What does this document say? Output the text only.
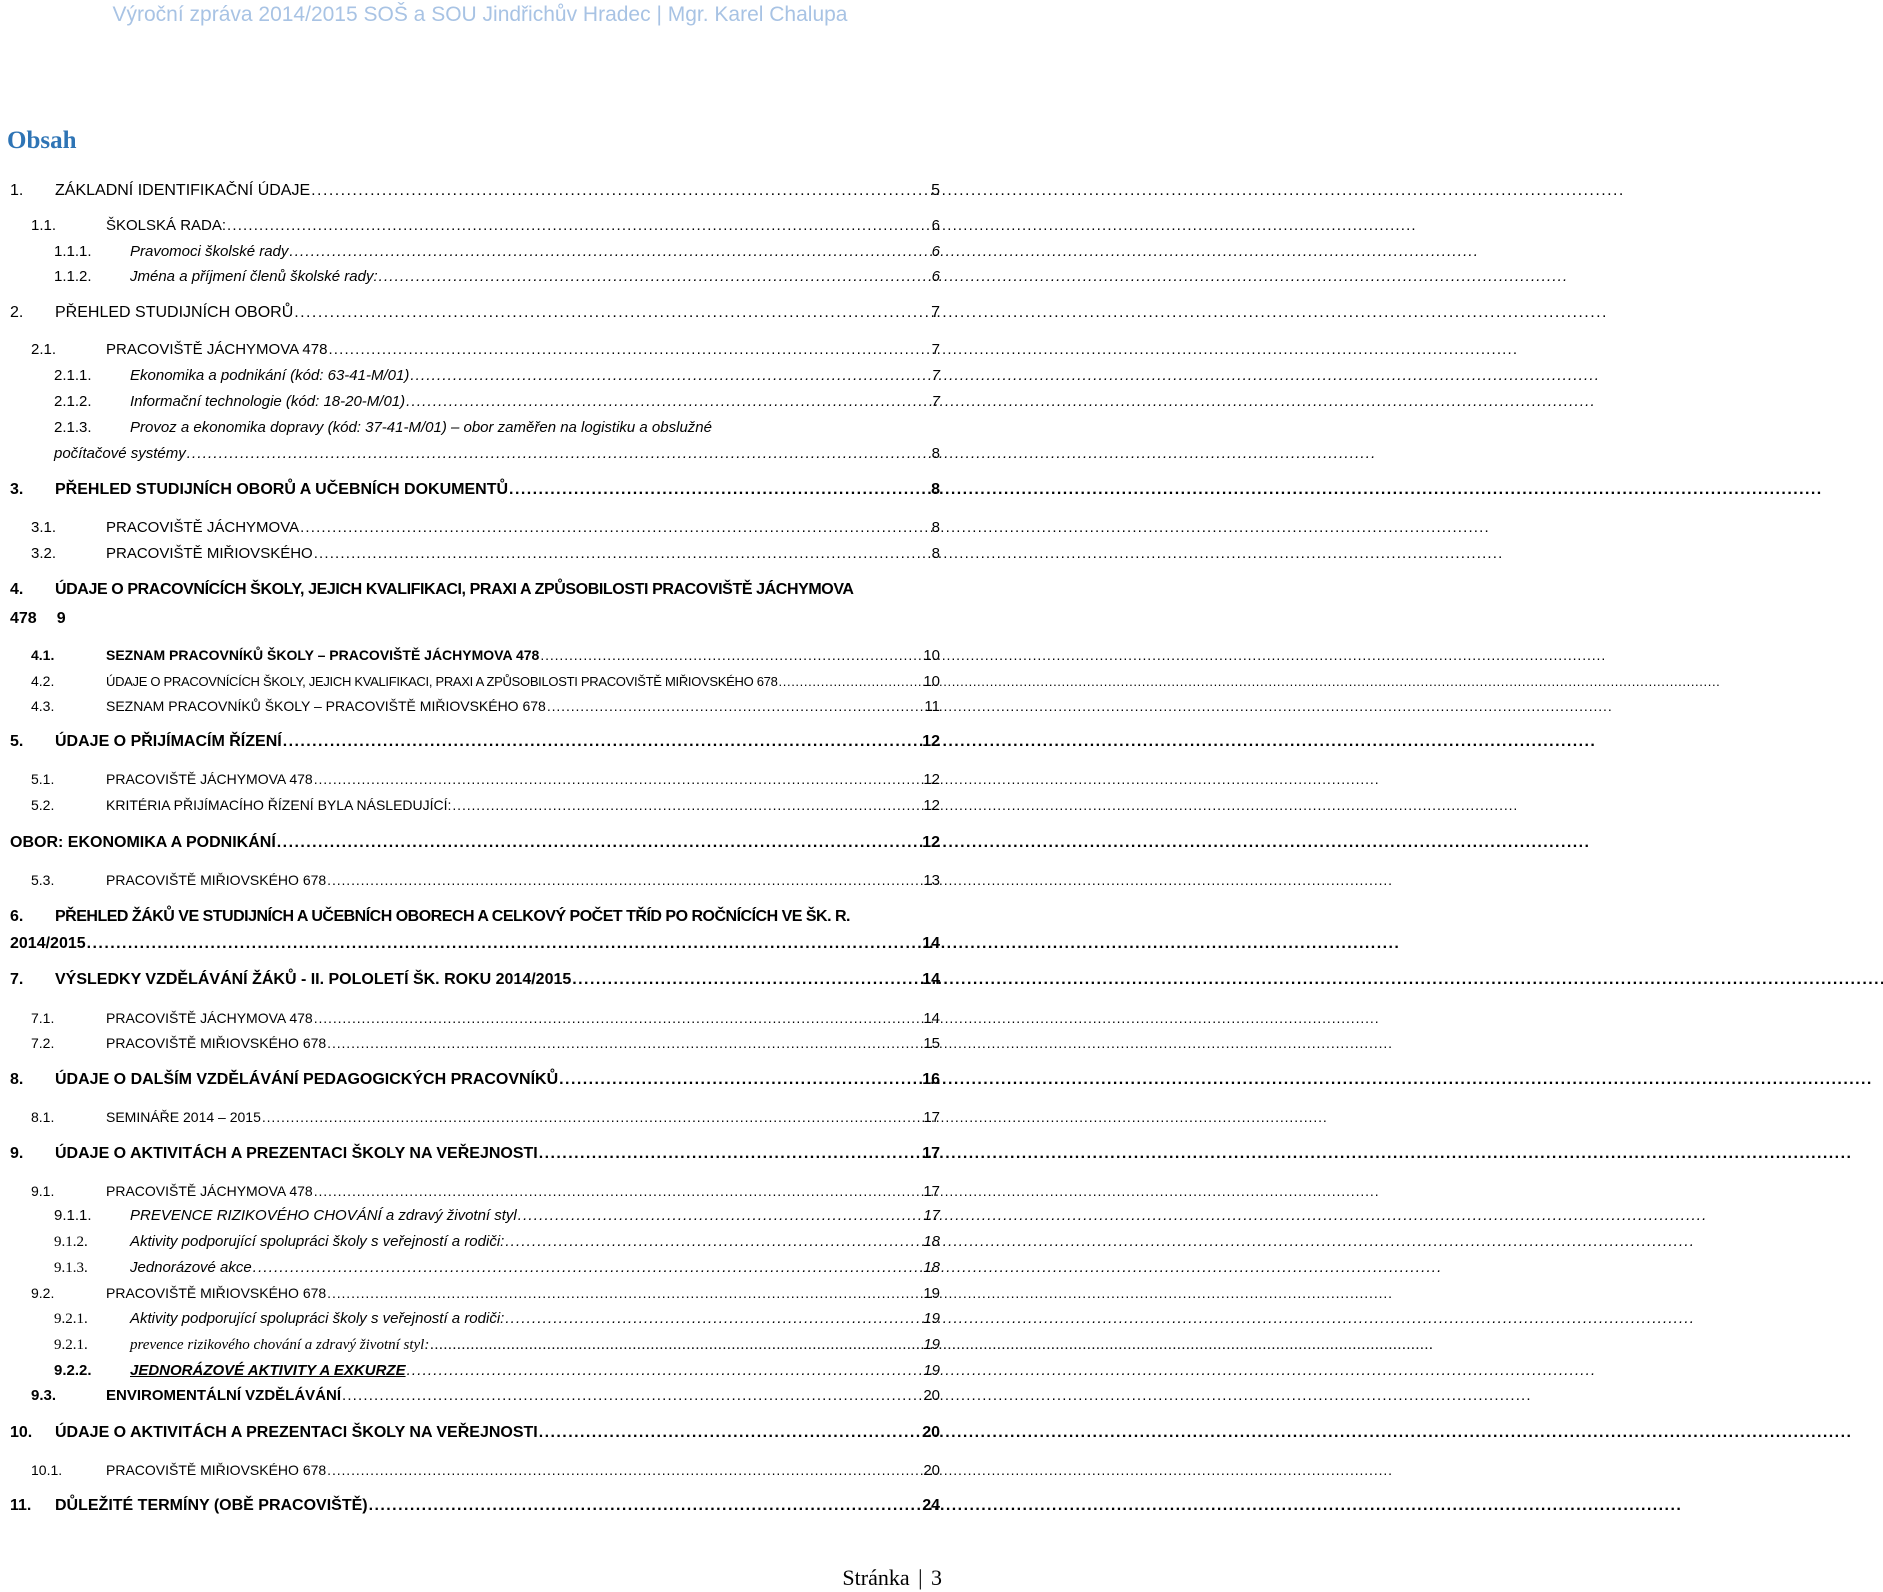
Výroční zpráva 2014/2015 SOŠ a SOU Jindřichův Hradec | Mgr. Karel Chalupa
Obsah
1.	ZÁKLADNÍ IDENTIFIKAČNÍ ÚDAJE . . .	5
1.1.	ŠKOLSKÁ RADA: . . .	6
1.1.1.	Pravomoci školské rady . . .	6
1.1.2.	Jména a příjmení členů školské rady: . . .	6
2.	PŘEHLED STUDIJNÍCH OBORŮ . . .	7
2.1.	PRACOVIŠTĚ JÁCHYMOVA 478 . . .	7
2.1.1.	Ekonomika a podnikání (kód: 63-41-M/01) . . .	7
2.1.2.	Informační technologie (kód: 18-20-M/01) . . .	7
2.1.3.	Provoz a ekonomika dopravy (kód: 37-41-M/01) – obor zaměřen na logistiku a obslužné
počítačové systémy . . .	8
3.	PŘEHLED STUDIJNÍCH OBORŮ A UČEBNÍCH DOKUMENTŮ . . .	8
3.1.	PRACOVIŠTĚ JÁCHYMOVA . . .	8
3.2.	PRACOVIŠTĚ MIŘIOVSKÉHO . . .	8
4.	ÚDAJE O PRACOVNÍCÍCH ŠKOLY, JEJICH KVALIFIKACI, PRAXI A ZPŮSOBILOSTI PRACOVIŠTĚ JÁCHYMOVA
478 9
4.1.	SEZNAM PRACOVNÍKŮ ŠKOLY – PRACOVIŠTĚ JÁCHYMOVA 478 . . .	10
4.2.	ÚDAJE O PRACOVNÍCÍCH ŠKOLY, JEJICH KVALIFIKACI, PRAXI A ZPŮSOBILOSTI PRACOVIŠTĚ MIŘIOVSKÉHO 678 . . .	10
4.3.	SEZNAM PRACOVNÍKŮ ŠKOLY – PRACOVIŠTĚ MIŘIOVSKÉHO 678 . . .	11
5.	ÚDAJE O PŘIJÍMACÍM ŘÍZENÍ . . .	12
5.1.	PRACOVIŠTĚ JÁCHYMOVA 478 . . .	12
5.2.	KRITÉRIA PŘIJÍMACÍHO ŘÍZENÍ BYLA NÁSLEDUJÍCÍ: . . .	12
OBOR: EKONOMIKA A PODNIKÁNÍ . . .	12
5.3.	PRACOVIŠTĚ MIŘIOVSKÉHO 678 . . .	13
6.	PŘEHLED ŽÁKŮ VE STUDIJNÍCH A UČEBNÍCH OBORECH A CELKOVÝ POČET TŘÍD PO ROČNÍCÍCH VE ŠK. R.
2014/2015 . . .	14
7.	VÝSLEDKY VZDĚLÁVÁNÍ ŽÁKŮ - II. POLOLETÍ ŠK. ROKU 2014/2015 . . .	14
7.1.	PRACOVIŠTĚ JÁCHYMOVA 478 . . .	14
7.2.	PRACOVIŠTĚ MIŘIOVSKÉHO 678 . . .	15
8.	ÚDAJE O DALŠÍM VZDĚLÁVÁNÍ PEDAGOGICKÝCH PRACOVNÍKŮ . . .	16
8.1.	SEMINÁŘE 2014 – 2015 . . .	17
9.	ÚDAJE O AKTIVITÁCH A PREZENTACI ŠKOLY NA VEŘEJNOSTI . . .	17
9.1.	PRACOVIŠTĚ JÁCHYMOVA 478 . . .	17
9.1.1.	PREVENCE RIZIKOVÉHO CHOVÁNÍ a zdravý životní styl . . .	17
9.1.2.	Aktivity podporující spolupráci školy s veřejností a rodiči: . . .	18
9.1.3.	Jednorázové akce . . .	18
9.2.	PRACOVIŠTĚ MIŘIOVSKÉHO 678 . . .	19
9.2.1.	Aktivity podporující spolupráci školy s veřejností a rodiči: . . .	19
9.2.1.	prevence rizikového chování a zdravý životní styl: . . .	19
9.2.2.	JEDNORÁZOVÉ AKTIVITY A EXKURZE . . .	19
9.3.	ENVIROMENTÁLNÍ VZDĚLÁVÁNÍ . . .	20
10.	ÚDAJE O AKTIVITÁCH A PREZENTACI ŠKOLY NA VEŘEJNOSTI . . .	20
10.1.	PRACOVIŠTĚ MIŘIOVSKÉHO 678 . . .	20
11.	DŮLEŽITÉ TERMÍNY (OBĚ PRACOVIŠTĚ) . . .	24
Stránka | 3
